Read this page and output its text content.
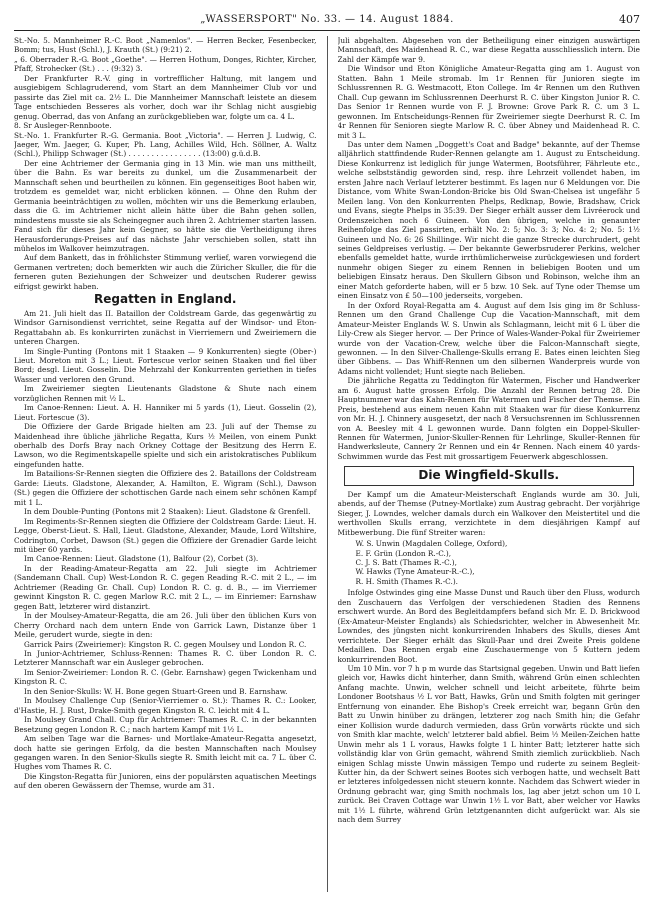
„WASSERSPORT" No. 33. — 14. August 1884.	407

St.-No. 5. Mannheimer R.-C. Boot „Namenlos". — Herren Becker, Fesenbecker, Bomm; tus, Hust (Schl.), J. Krauth (St.) (9:21) 2.

„ 6. Oberrader R.-G. Boot „Goethe". — Herren Hothum, Donges, Richter, Kircher, Pfaff, Strohecker (St.) . . . (9:32) 3.

Der Frankfurter R.-V. ging in vortrefflicher Haltung, mit langem und ausgiebigem Schlagruderend, vom Start an dem Mannheimer Club vor und passirte das Ziel mit ca. 2½ L. Die Mannheimer Mannschaft leistete an diesem Tage entschieden Besseres als vorher, doch war ihr Schlag nicht ausgiebig genug. Oberrad, das von Anfang an zurückgeblieben war, folgte um ca. 4 L.

8. Sr Ausleger-Rennboote.

St.-No. 1. Frankfurter R.-G. Germania. Boot „Victoria". — Herren J. Ludwig, C. Jaeger, Wm. Jaeger, G. Kuper, Ph. Lang, Achilles Wild, Hch. Söllner, A. Waltz (Schl.), Philipp Schwager (St.) . . . . . . . . . . . . . . . . (13:00) g.ü.d.B.

Der eine Achtriemer der Germania ging in 13 Min. wie man uns mittheilt, über die Bahn. Es war bereits zu dunkel, um die Zusammenarbeit der Mannschaft sehen und beurtheilen zu können. Ein gegenseitiges Boot haben wir, trotzdem es gemeldet war, nicht erblicken können. — Ohne den Ruhm der Germania beeinträchtigen zu wollen, möchten wir uns die Bemerkung erlauben, dass die G. im Achtriemer nicht allein hätte über die Bahn gehen sollen, mindestens musste sie als Scheingegner auch ihren 2. Achtriemer starten lassen. Fand sich für dieses Jahr kein Gegner, so hätte sie die Vertheidigung ihres Herausforderungs-Preises auf das nächste Jahr verschieben sollen, statt ihn mühelos im Walkover heimzutragen.

Auf dem Bankett, das in fröhlichster Stimmung verlief, waren vorwiegend die Germanen vertreten; doch bemerkten wir auch die Züricher Skuller, die für die ferneren guten Beziehungen der Schweizer und deutschen Ruderer gewiss eifrigst gewirkt haben.

Regatten in England.

Am 21. Juli hielt das II. Bataillon der Coldstream Garde, das gegenwärtig zu Windsor Garnisondienst verrichtet, seine Regatta auf der Windsor- und Eton-Regattabahn ab. Es konkurrirten zunächst in Vierriemern und Zweiriemern die unteren Chargen.

Im Single-Punting (Pontons mit 1 Staaken — 9 Konkurrenten) siegte (Ober-) Lieut. Moreton mit 3 L.; Lieut. Fortescue verlor seinen Staaken und fiel über Bord; desgl. Lieut. Gosselin. Die Mehrzahl der Konkurrenten geriethen in tiefes Wasser und verloren den Grund.

Im Zweiriemer siegten Lieutenants Gladstone & Shute nach einem vorzüglichen Rennen mit ½ L.

Im Canoe-Rennen: Lieut. A. H. Hanniker mi 5 yards (1), Lieut. Gosselin (2), Lieut. Fortescue (3).

Die Offiziere der Garde Brigade hielten am 23. Juli auf der Themse zu Maidenhead ihre übliche jährliche Regatta, Kurs ½ Meilen, von einem Punkt oberhalb des Dorfs Bray nach Orkney Cottage der Besitzung des Herrn E. Lawson, wo die Regimentskapelle spielte und sich ein aristokratisches Publikum eingefunden hatte.

Im Batailions-Sr-Rennen siegten die Offiziere des 2. Bataillons der Coldstream Garde: Lieuts. Gladstone, Alexander, A. Hamilton, E. Wigram (Schl.), Dawson (St.) gegen die Offiziere der schottischen Garde nach einem sehr schönen Kampf mit 1 L.

In dem Double-Punting (Pontons mit 2 Staaken): Lieut. Gladstone & Grenfell.

Im Regiments-Sr-Rennen siegten die Offiziere der Coldstream Garde: Lieut. H. Legge, Oberst-Lieut. S. Hall, Lieut. Gladstone, Alexander, Maude, Lord Wiltshire, Codrington, Corbet, Dawson (St.) gegen die Offiziere der Grenadier Garde leicht mit über 60 yards.

Im Canoe-Rennen: Lieut. Gladstone (1), Balfour (2), Corbet (3).

In der Reading-Amateur-Regatta am 22. Juli siegte im Achtriemer (Sandemann Chall. Cup) West-London R. C. gegen Reading R.-C. mit 2 L., — im Achtriemer (Reading Gr. Chall. Cup) London R. C. g. d. B., — im Vierriemer gewinnt Kingston R. C. gegen Marlow R.C. mit 2 L., — im Einriemer: Earnshaw gegen Batt, letzterer wird distanzirt.

In der Moulsey-Amateur-Regatta, die am 26. Juli über den üblichen Kurs von Cherry Orchard nach dem untern Ende von Garrick Lawn, Distanze über 1 Meile, gerudert wurde, siegte in den:

Garrick Pairs (Zweiriemer): Kingston R. C. gegen Moulsey und London R. C.

In Junior-Achtriemer, Schluss-Rennen: Thames R. C. über London R. C. Letzterer Mannschaft war ein Ausleger gebrochen.

Im Senior-Zweiriemer: London R. C. (Gebr. Earnshaw) gegen Twickenham und Kingston R. C.

In den Senior-Skulls: W. H. Bone gegen Stuart-Green und B. Earnshaw.

In Moulsey Challenge Cup (Senior-Vierriemer o. St.): Thames R. C.: Looker, d'Hastie, H. J. Rust, Drake-Smith gegen Kingston R. C. leicht mit 4 L.

In Moulsey Grand Chall. Cup für Achtriemer: Thames R. C. in der bekannten Besetzung gegen London R. C.; nach hartem Kampf mit 1½ L.

Am selben Tage war die Barnes- und Mortlake-Amateur-Regatta angesetzt, doch hatte sie geringen Erfolg, da die besten Mannschaften nach Moulsey gegangen waren. In den Senior-Skulls siegte R. Smith leicht mit ca. 7 L. über C. Hughes vom Thames R. C.

Die Kingston-Regatta für Junioren, eins der populärsten aquatischen Meetings auf den oberen Gewässern der Themse, wurde am 31.

Juli abgehalten. Abgesehen von der Betheiligung einer einzigen auswärtigen Mannschaft, des Maidenhead R. C., war diese Regatta ausschliesslich intern. Die Zahl der Kämpfe war 9.

Die Windsor und Eton Königliche Amateur-Regatta ging am 1. August von Statten. Bahn 1 Meile stromab. Im 1r Rennen für Junioren siegte im Schlussrennen R. G. Westmacott, Eton College. Im 4r Rennen um den Ruthven Chall. Cup gewann im Schlussrennen Deerhurst R. C. über Kingston Junior R. C. Das Senior 1r Rennen wurde von F. J. Browne: Grove Park R. C. um 3 L. gewonnen. Im Entscheidungs-Rennen für Zweiriemer siegte Deerhurst R. C. Im 4r Rennen für Senioren siegte Marlow R. C. über Abney und Maidenhead R. C. mit 3 L.

Das unter dem Namen „Doggett's Coat and Badge" bekannte, auf der Themse alljährlich stattfindende Ruder-Rennen gelangte am 1. August zu Entscheidung. Diese Konkurrenz ist lediglich für junge Watermen, Bootsführer, Fährleute etc., welche selbstständig geworden sind, resp. ihre Lehrzeit vollendet haben, im ersten Jahre nach Verlauf letzterer bestimmt. Es lagen nur 6 Meldungen vor. Die Distance, vom White Swan-London-Bricke bis Old Swan-Chelsea ist ungefähr 5 Meilen lang. Von den Konkurrenten Phelps, Redknap, Bowie, Bradshaw, Crick und Evans, siegte Phelps in 35:39. Der Sieger erhält ausser dem Livréerock und Ordenszeichen noch 6 Guineen. Von den übrigen, welche in genaunter Reihenfolge das Ziel passirten, erhält No. 2: 5; No. 3: 3; No. 4: 2; No. 5: 1½ Guineen und No. 6: 26 Shillinge. Wir nicht die ganze Strecke durchrudert, geht seines Geldpreises verlustig. — Der bekannte Gewerbsruderer Perkins, welcher ebenfalls gemeldet hatte, wurde irrthümlicherweise zurückgewiesen und fordert nunmehr obigen Sieger zu einem Rennen in beliebigen Booten und um beliebigen Einsatz heraus. Den Skullern Gibson und Robinson, welche ihm an einer Match geforderte haben, will er 5 bzw. 10 Sek. auf Tyne oder Themse um einen Einsatz von £ 50—100 jederseits, vorgeben.

In der Oxford Royal-Regatta am 4. August auf dem Isis ging im 8r Schluss-Rennen um den Grand Challenge Cup die Vacation-Mannschaft, mit dem Amateur-Meister Englands W. S. Unwin als Schlagmann, leicht mit 6 L über die Lily-Crew als Sieger hervor. — Der Prince of Wales-Wander-Pokal für Zweiriemer wurde von der Vacation-Crew, welche über die Falcon-Mannschaft siegte, gewonnen. — In den Silver-Challenge-Skulls errang E. Bates einen leichten Sieg über Gibbens. — Das Whiff-Rennen um den silbernen Wanderpreis wurde von Adams nicht vollendet; Hunt siegte nach Belieben.

Die jährliche Regatta zu Teddington für Watermen, Fischer und Handwerker am 6. August hatte grossen Erfolg. Die Anzahl der Rennen betrug 28. Die Hauptnummer war das Kahn-Rennen für Watermen und Fischer der Themse. Ein Preis, bestehend aus einem neuen Kahn mit Staaken war für diese Konkurrenz von Mr. H. J. Chinnery ausgesetzt, der nach 8 Versuchsrennen im Schlussrennen von A. Beesley mit 4 L gewonnen wurde. Dann folgten ein Doppel-Skuller-Rennen für Watermen, Junior-Skuller-Rennen für Lehrlinge, Skuller-Rennen für Handwerksleute, Cannery 2r Rennen und ein 4r Rennen. Nach einem 40 yards-Schwimmen wurde das Fest mit grossartigem Feuerwerk abgeschlossen.

Die Wingfield-Skulls.

Der Kampf um die Amateur-Meisterschaft Englands wurde am 30. Juli, abends, auf der Themse (Putney-Mortlake) zum Austrag gebracht. Der vorjährige Sieger, J. Lowndes, welcher damals durch ein Walkover den Meistertitel und die werthvollen Skulls errang, verzichtete in dem diesjährigen Kampf auf Mitbewerbung. Die fünf Streiter waren:

W. S. Unwin (Magdalen College, Oxford),
E. F. Grün (London R.-C.),
C. J. S. Batt (Thames R.-C.),
W. Hawks (Tyne Amateur-R.-C.),
R. H. Smith (Thames R.-C.).

Infolge Ostwindes ging eine Masse Dunst und Rauch über den Fluss, wodurch den Zuschauern das Verfolgen der verschiedenen Stadien des Rennens erschwert wurde. An Bord des Begleitdampfers befand sich Mr. E. D. Brickwood (Ex-Amateur-Meister Englands) als Schiedsrichter, welcher in Abwesenheit Mr. Lowndes, des jüngsten nicht konkurrirenden Inhabers des Skulls, dieses Amt verrichtete. Der Sieger erhält das Skull-Paar und drei Zweite Preis goldene Medaillen. Das Rennen ergab eine Zuschauermenge von 5 Kuttern jedem konkurrirenden Boot.

Um 10 Min. vor 7 h p m wurde das Startsignal gegeben. Unwin und Batt liefen gleich vor, Hawks dicht hinterher, dann Smith, während Grün einen schlechten Anfang machte. Unwin, welcher schnell und leicht arbeitete, führte beim Londoner Bootshaus ½ L vor Batt, Hawks, Grün und Smith folgten mit geringer Entfernung von einander. Ehe Bishop's Creek erreicht war, begann Grün den Batt zu Unwin hinüber zu drängen, letzterer zog nach Smith hin; die Gefahr einer Kollision wurde dadurch vermieden, dass Grün vorwärts rückte und sich von Smith klar machte, welch' letzterer bald abfiel. Beim ½ Meilen-Zeichen hatte Unwin mehr als 1 L voraus, Hawks folgte 1 L hinter Batt; letzterer hatte sich vollständig klar von Grün gemacht, während Smith ziemlich zurückblieb. Nach einigen Schlag misste Unwin mässigen Tempo und ruderte zu seinem Begleit-Kutter hin, da der Schwert seines Bootes sich verbogen hatte, und wechselt Batt er letzteres infolgedessen nicht steuern konnte. Nachdem das Schwert wieder in Ordnung gebracht war, ging Smith nochmals los, lag aber jetzt schon um 10 L zurück. Bei Craven Cottage war Unwin 1½ L vor Batt, aber welcher vor Hawks mit 1½ L führte, während Grün letztgenannten dicht aufgerückt war. Als sie nach dem Surrey
